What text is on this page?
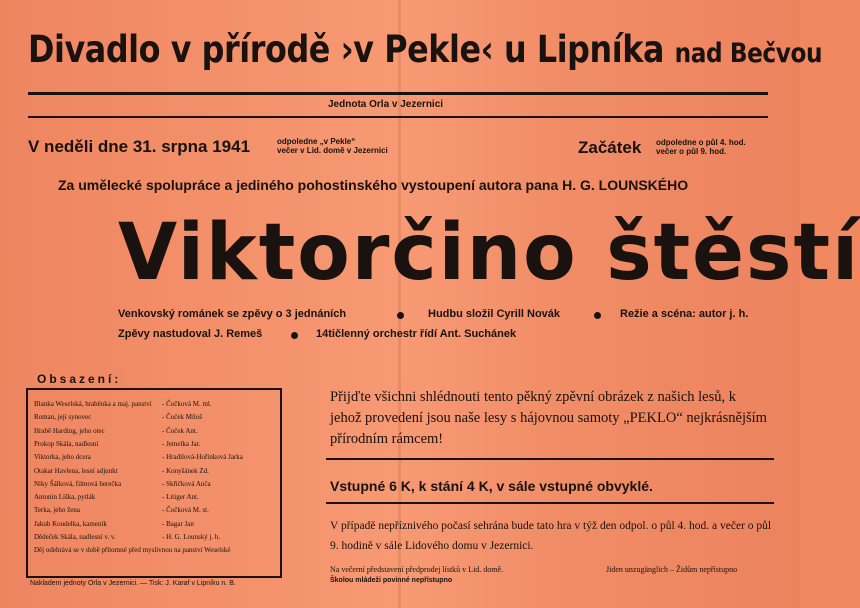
Divadlo v přírodě ›v Pekle‹ u Lipníka nad Bečvou
Jednota Orla v Jezernici
V neděli dne 31. srpna 1941	odpoledne „v Pekle“
večer v Lid. domě v Jezernici	Začátek odpoledne o půl 4. hod.
večer o půl 9. hod.
Za umělecké spolupráce a jediného pohostinského vystoupení autora pana H. G. LOUNSKÉHO
Viktorčino štěstí
Venkovský románek se zpěvy o 3 jednáních	Hudbu složil Cyrill Novák	Režie a scéna: autor j. h.
Zpěvy nastudoval J. Remeš	14tičlenný orchestr řídí Ant. Suchánek
Obsazení:
Blanka Weselská, hraběnka a maj. panství - Čočková M. ml.
Roman, její synovec	- Čoček Miloš
Hrabě Harding, jeho otec	- Čoček Ant.
Prokop Skála, nadlesní	- Jemelka Jar.
Viktorka, jeho dcera	- Hradilová-Hořínková Jarka
Otakar Havlena, lesní adjunkt	- Konyšánek Zd.
Niky Šálková, filmová herečka	- Skřičková Anča
Antonín Liška, pytlák	- Litiger Ant.
Terka, jeho žena	- Čočková M. st.
Jakub Koudelka, kameník	- Bagar Jan
Dědeček Skála, nadlesní v. v.	- H. G. Lounský j. h.
Děj odehrává se v době přítomné před myslivnou na panství Weselské
Přijďte všichni shlédnouti tento pěkný zpěvní obrázek z našich lesů, k jehož provedení jsou naše lesy s hájovnou samoty „PEKLO“ nejkrásnějším přírodním rámcem!
Vstupné 6 K, k stání 4 K, v sále vstupné obvyklé.
V případě nepříznivého počasí sehrána bude tato hra v týž den odpol. o půl 4. hod. a večer o půl 9. hodině v sále Lidového domu v Jezernici.
Nakladem jednoty Orla v Jezernici. — Tisk: J. Karaf v Lipníku n. B.
Na večerní představení předprodej lístků v Lid. domě.
Školou mládeži povinné nepřístupno
Jiden unzugänglich – Židům nepřístupno
